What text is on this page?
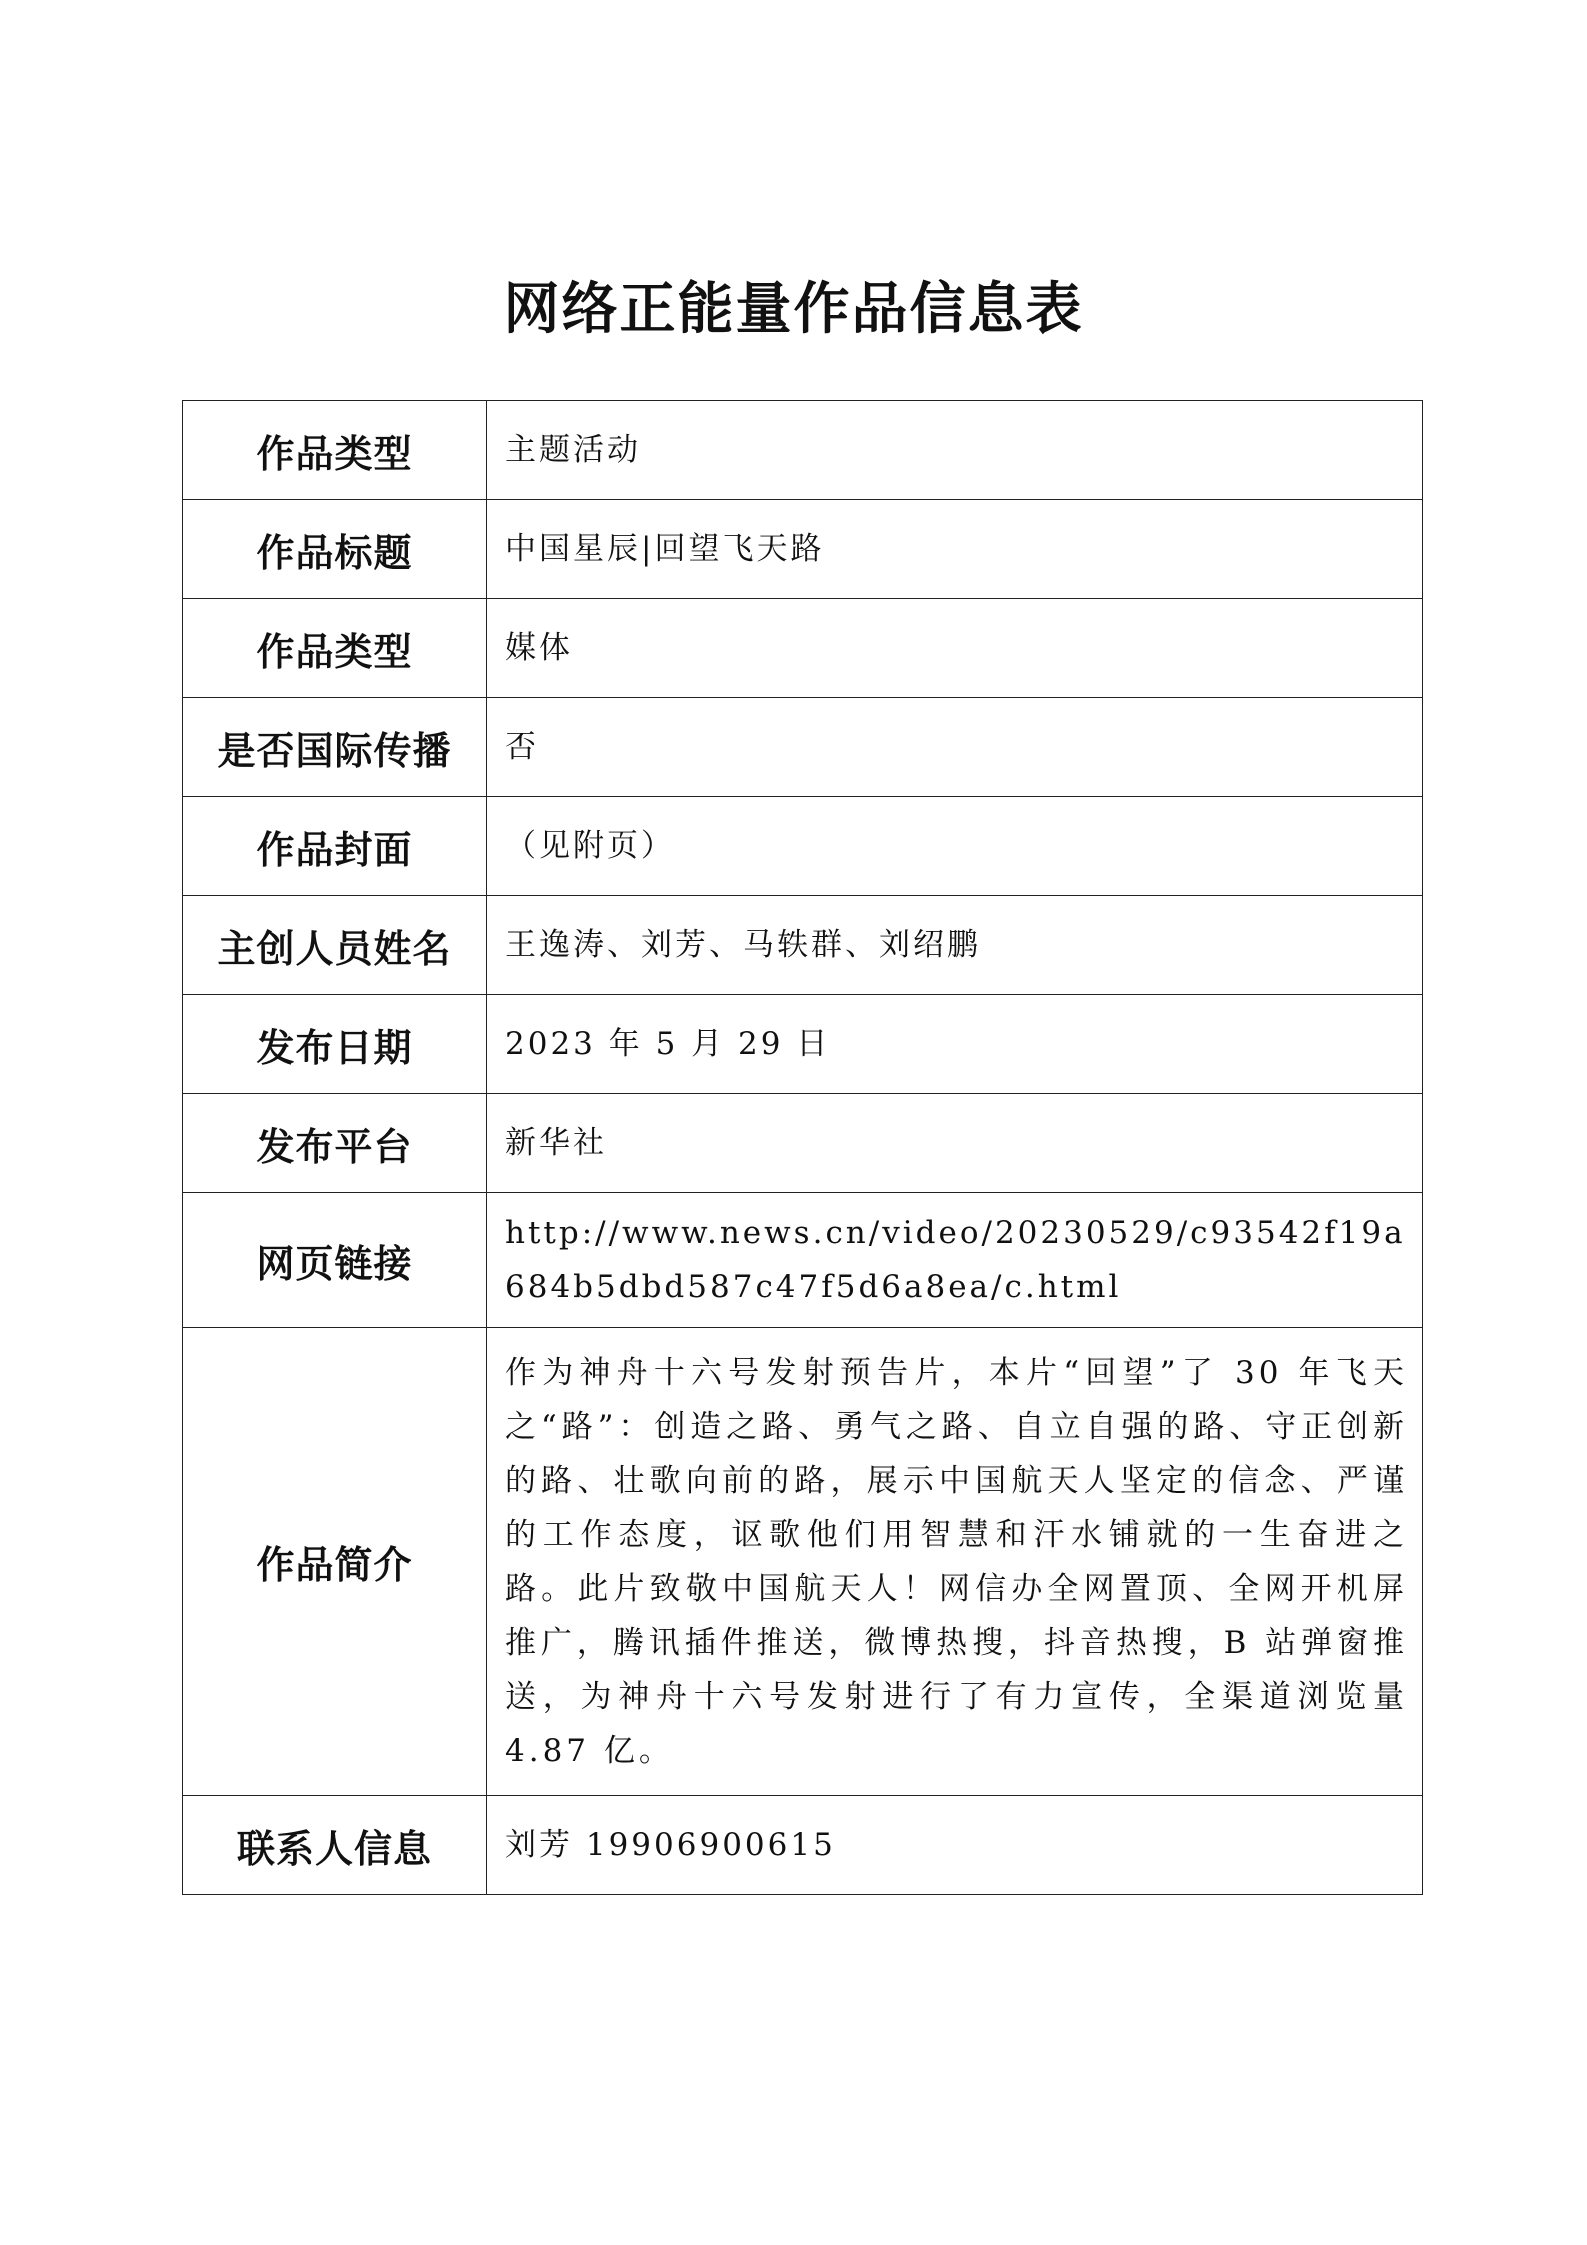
网络正能量作品信息表
作品类型	主题活动
作品标题	中国星辰|回望飞天路
作品类型	媒体
是否国际传播	否
作品封面	（见附页）
主创人员姓名	王逸涛、刘芳、马轶群、刘绍鹏
发布日期	2023 年 5 月 29 日
发布平台	新华社
网页链接	http://www.news.cn/video/20230529/c93542f19a684b5dbd587c47f5d6a8ea/c.html
作品简介	作为神舟十六号发射预告片，本片“回望”了 30 年飞天之“路”：创造之路、勇气之路、自立自强的路、守正创新的路、壮歌向前的路，展示中国航天人坚定的信念、严谨的工作态度，讴歌他们用智慧和汗水铺就的一生奋进之路。此片致敬中国航天人！网信办全网置顶、全网开机屏推广，腾讯插件推送，微博热搜，抖音热搜，B 站弹窗推送，为神舟十六号发射进行了有力宣传，全渠道浏览量 4.87 亿。
联系人信息	刘芳 19906900615
